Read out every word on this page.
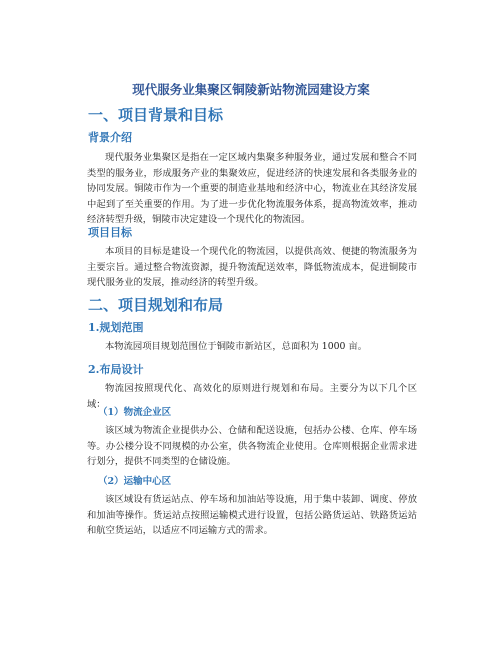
现代服务业集聚区铜陵新站物流园建设方案
一、项目背景和目标
背景介绍

现代服务业集聚区是指在一定区域内集聚多种服务业，通过发展和整合不同类型的服务业，形成服务产业的集聚效应，促进经济的快速发展和各类服务业的协同发展。铜陵市作为一个重要的制造业基地和经济中心，物流业在其经济发展中起到了至关重要的作用。为了进一步优化物流服务体系，提高物流效率，推动经济转型升级，铜陵市决定建设一个现代化的物流园。

项目目标

本项目的目标是建设一个现代化的物流园，以提供高效、便捷的物流服务为主要宗旨。通过整合物流资源，提升物流配送效率，降低物流成本，促进铜陵市现代服务业的发展，推动经济的转型升级。

二、项目规划和布局
1.规划范围

本物流园项目规划范围位于铜陵市新站区，总面积为 1000 亩。

2.布局设计

物流园按照现代化、高效化的原则进行规划和布局。主要分为以下几个区域：

（1）物流企业区

该区域为物流企业提供办公、仓储和配送设施，包括办公楼、仓库、停车场等。办公楼分设不同规模的办公室，供各物流企业使用。仓库则根据企业需求进行划分，提供不同类型的仓储设施。

（2）运输中心区

该区域设有货运站点、停车场和加油站等设施，用于集中装卸、调度、停放和加油等操作。货运站点按照运输模式进行设置，包括公路货运站、铁路货运站和航空货运站，以适应不同运输方式的需求。
